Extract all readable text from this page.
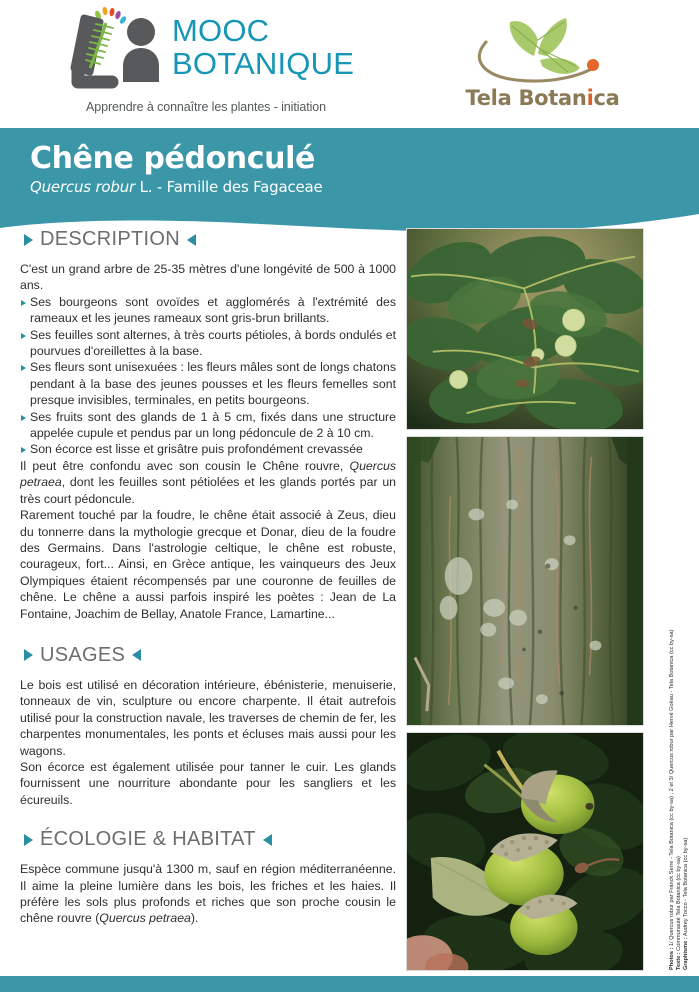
MOOC
BOTANIQUE
Apprendre à connaître les plantes - initiation	Tela Botanica
Chêne pédonculé
Quercus robur L. - Famille des Fagaceae
DESCRIPTION

C'est un grand arbre de 25-35 mètres d'une longévité de 500 à 1000 ans.

Ses bourgeons sont ovoïdes et agglomérés à l'extrémité des rameaux et les jeunes rameaux sont gris-brun brillants.

Ses feuilles sont alternes, à très courts pétioles, à bords ondulés et pourvues d'oreillettes à la base.

Ses fleurs sont unisexuées : les fleurs mâles sont de longs chatons pendant à la base des jeunes pousses et les fleurs femelles sont presque invisibles, terminales, en petits bourgeons.

Ses fruits sont des glands de 1 à 5 cm, fixés dans une structure appelée cupule et pendus par un long pédoncule de 2 à 10 cm.

Son écorce est lisse et grisâtre puis profondément crevassée

Il peut être confondu avec son cousin le Chêne rouvre, Quercus petraea, dont les feuilles sont pétiolées et les glands portés par un très court pédoncule.

Rarement touché par la foudre, le chêne était associé à Zeus, dieu du tonnerre dans la mythologie grecque et Donar, dieu de la foudre des Germains. Dans l'astrologie celtique, le chêne est robuste, courageux, fort... Ainsi, en Grèce antique, les vainqueurs des Jeux Olympiques étaient récompensés par une couronne de feuilles de chêne. Le chêne a aussi parfois inspiré les poètes : Jean de La Fontaine, Joachim de Bellay, Anatole France, Lamartine...

USAGES

Le bois est utilisé en décoration intérieure, ébénisterie, menuiserie, tonneaux de vin, sculpture ou encore charpente. Il était autrefois utilisé pour la construction navale, les traverses de chemin de fer, les charpentes monumentales, les ponts et écluses mais aussi pour les wagons.

Son écorce est également utilisée pour tanner le cuir. Les glands fournissent une nourriture abondante pour les sangliers et les écureuils.

ÉCOLOGIE & HABITAT

Espèce commune jusqu'à 1300 m, sauf en région méditerranéenne. Il aime la pleine lumière dans les bois, les friches et les haies. Il préfère les sols plus profonds et riches que son proche cousin le chêne rouvre (Quercus petraea).

Photos : 1/ Quercus robur par Franck Serre - Tela Botanica (cc by-sa) ; 2 et 3/ Quercus robur par Hervé Goëau - Tela Botanica (cc by-sa)
Texte : Communauté Tela Botanica (cc by-sa)
Graphisme : Audrey Tocco - Tela Botanica (cc by-sa)
